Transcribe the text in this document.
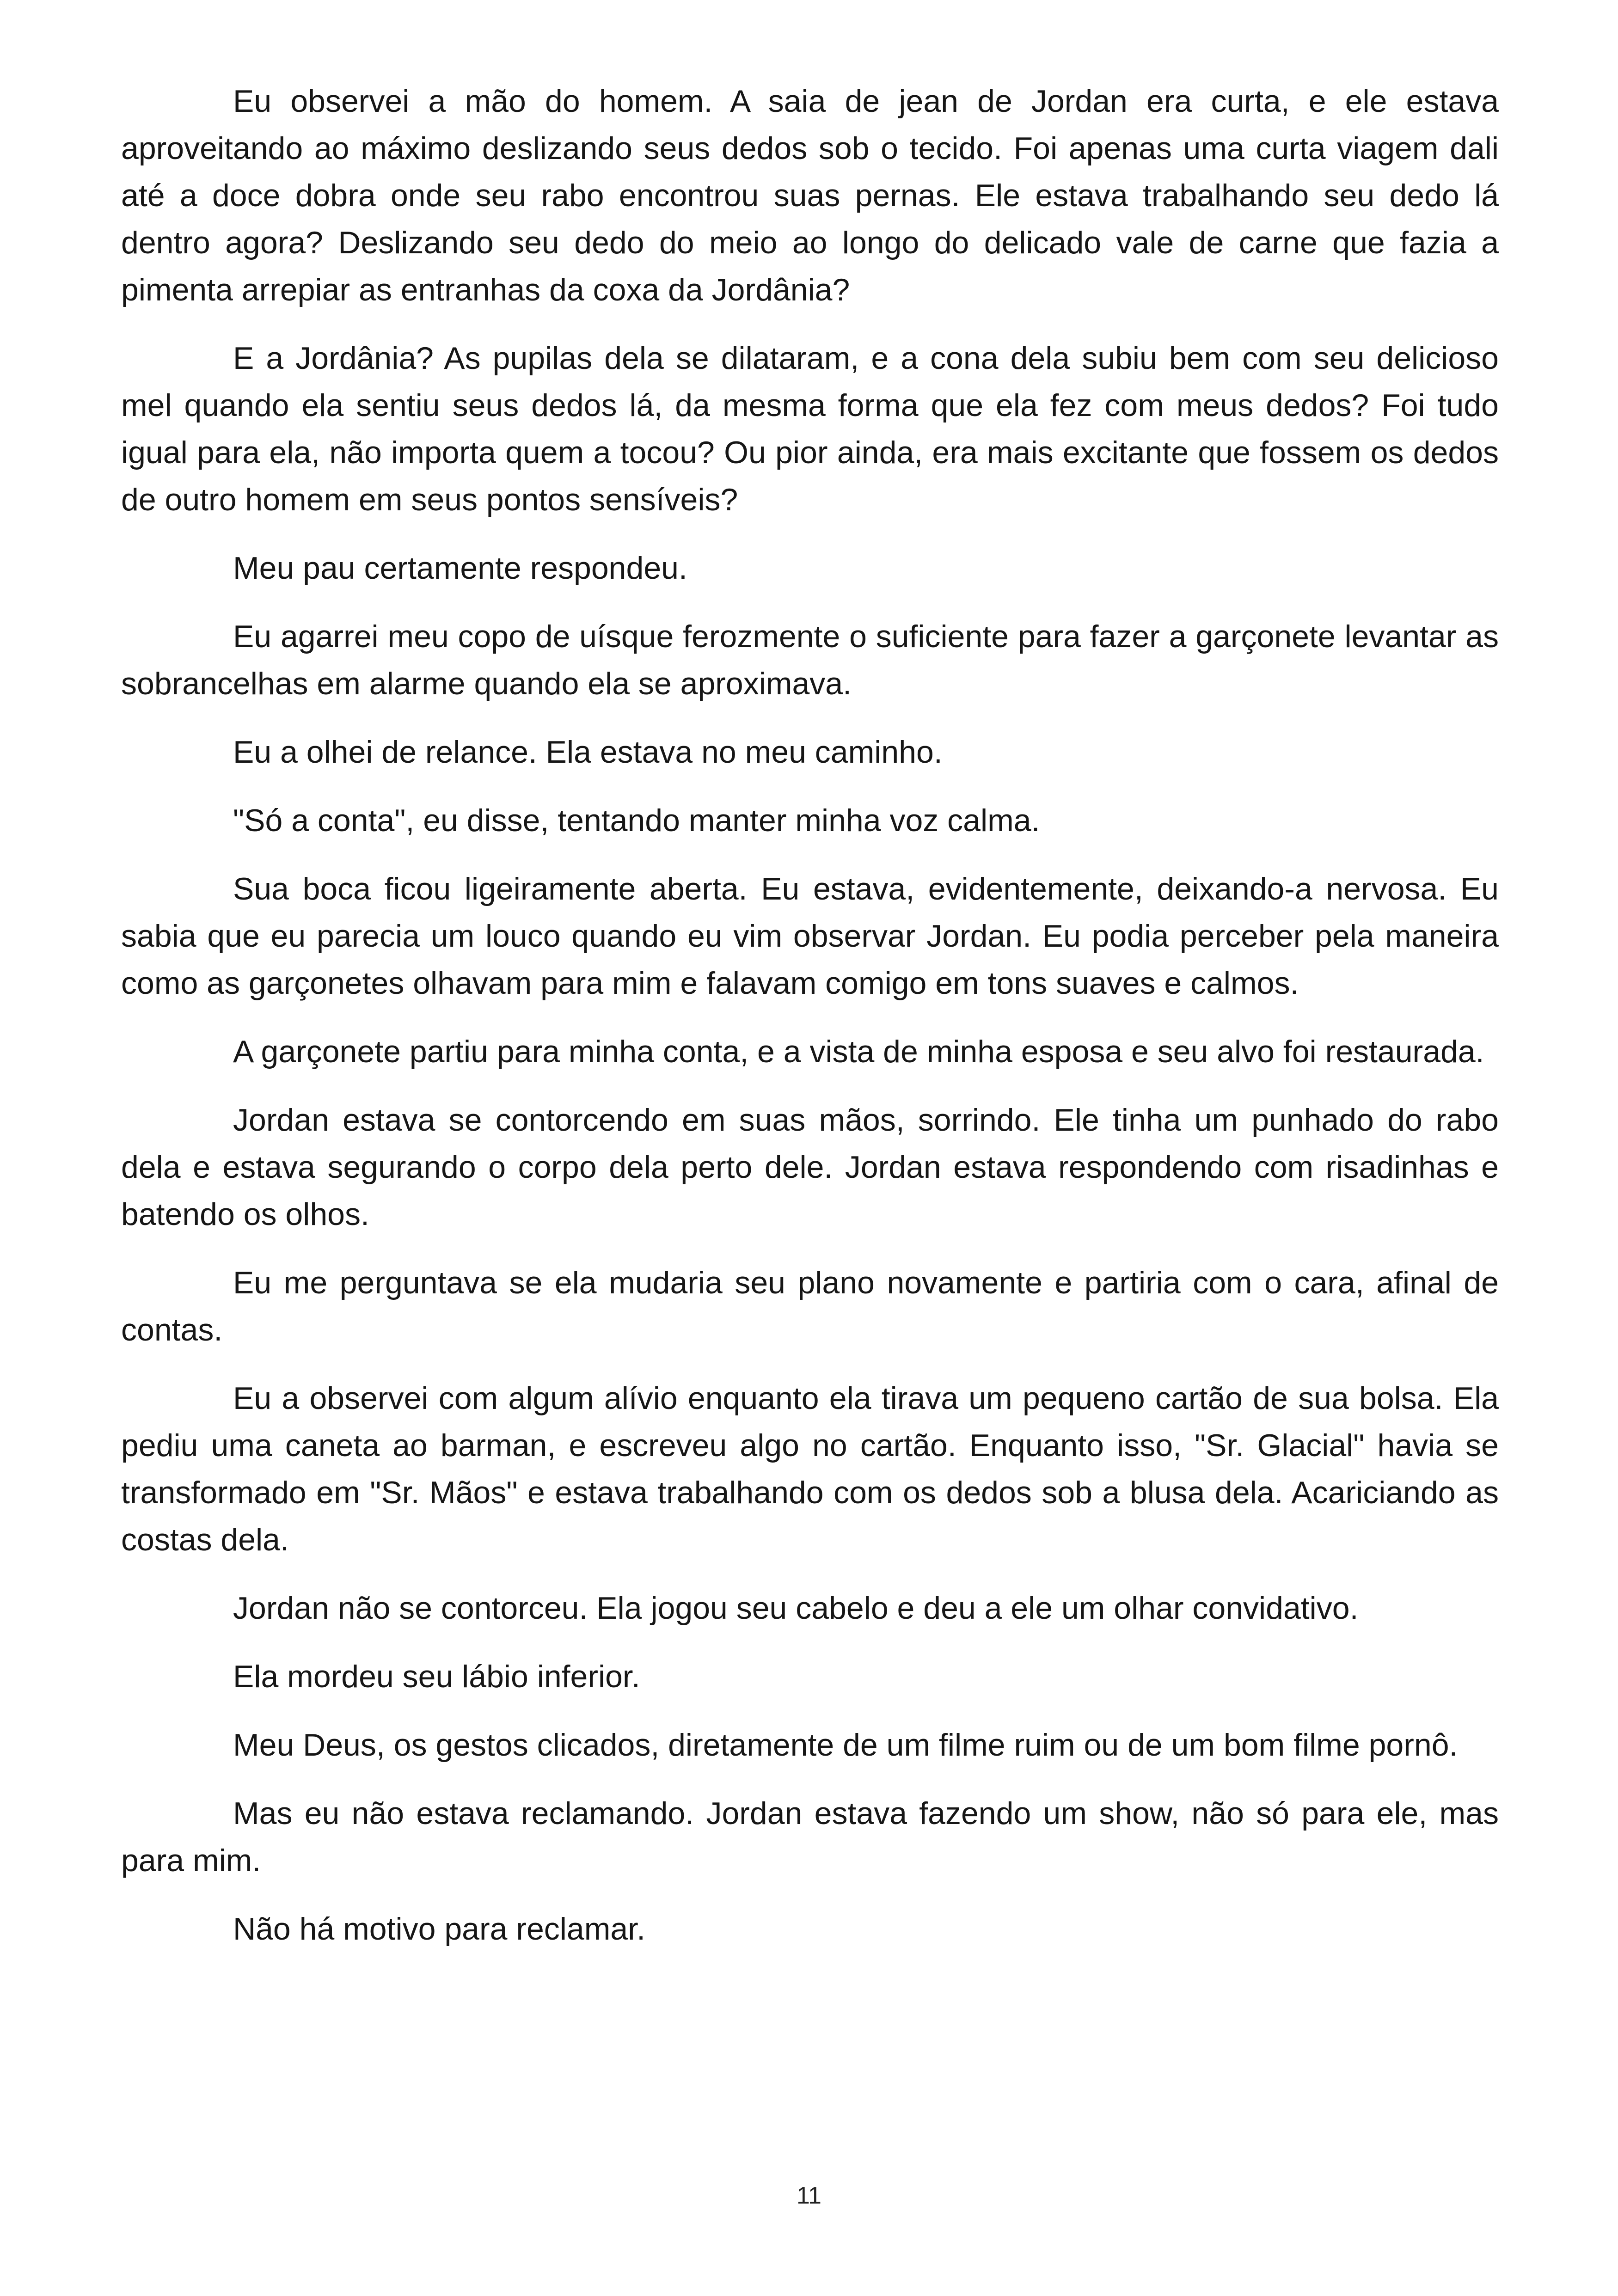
Eu observei a mão do homem. A saia de jean de Jordan era curta, e ele estava aproveitando ao máximo deslizando seus dedos sob o tecido. Foi apenas uma curta viagem dali até a doce dobra onde seu rabo encontrou suas pernas. Ele estava trabalhando seu dedo lá dentro agora? Deslizando seu dedo do meio ao longo do delicado vale de carne que fazia a pimenta arrepiar as entranhas da coxa da Jordânia?

E a Jordânia? As pupilas dela se dilataram, e a cona dela subiu bem com seu delicioso mel quando ela sentiu seus dedos lá, da mesma forma que ela fez com meus dedos? Foi tudo igual para ela, não importa quem a tocou? Ou pior ainda, era mais excitante que fossem os dedos de outro homem em seus pontos sensíveis?

Meu pau certamente respondeu.

Eu agarrei meu copo de uísque ferozmente o suficiente para fazer a garçonete levantar as sobrancelhas em alarme quando ela se aproximava.

Eu a olhei de relance. Ela estava no meu caminho.

"Só a conta", eu disse, tentando manter minha voz calma.

Sua boca ficou ligeiramente aberta. Eu estava, evidentemente, deixando-a nervosa. Eu sabia que eu parecia um louco quando eu vim observar Jordan. Eu podia perceber pela maneira como as garçonetes olhavam para mim e falavam comigo em tons suaves e calmos.

A garçonete partiu para minha conta, e a vista de minha esposa e seu alvo foi restaurada.

Jordan estava se contorcendo em suas mãos, sorrindo. Ele tinha um punhado do rabo dela e estava segurando o corpo dela perto dele. Jordan estava respondendo com risadinhas e batendo os olhos.

Eu me perguntava se ela mudaria seu plano novamente e partiria com o cara, afinal de contas.

Eu a observei com algum alívio enquanto ela tirava um pequeno cartão de sua bolsa. Ela pediu uma caneta ao barman, e escreveu algo no cartão. Enquanto isso, "Sr. Glacial" havia se transformado em "Sr. Mãos" e estava trabalhando com os dedos sob a blusa dela. Acariciando as costas dela.

Jordan não se contorceu. Ela jogou seu cabelo e deu a ele um olhar convidativo.

Ela mordeu seu lábio inferior.

Meu Deus, os gestos clicados, diretamente de um filme ruim ou de um bom filme pornô.

Mas eu não estava reclamando. Jordan estava fazendo um show, não só para ele, mas para mim.

Não há motivo para reclamar.

11
